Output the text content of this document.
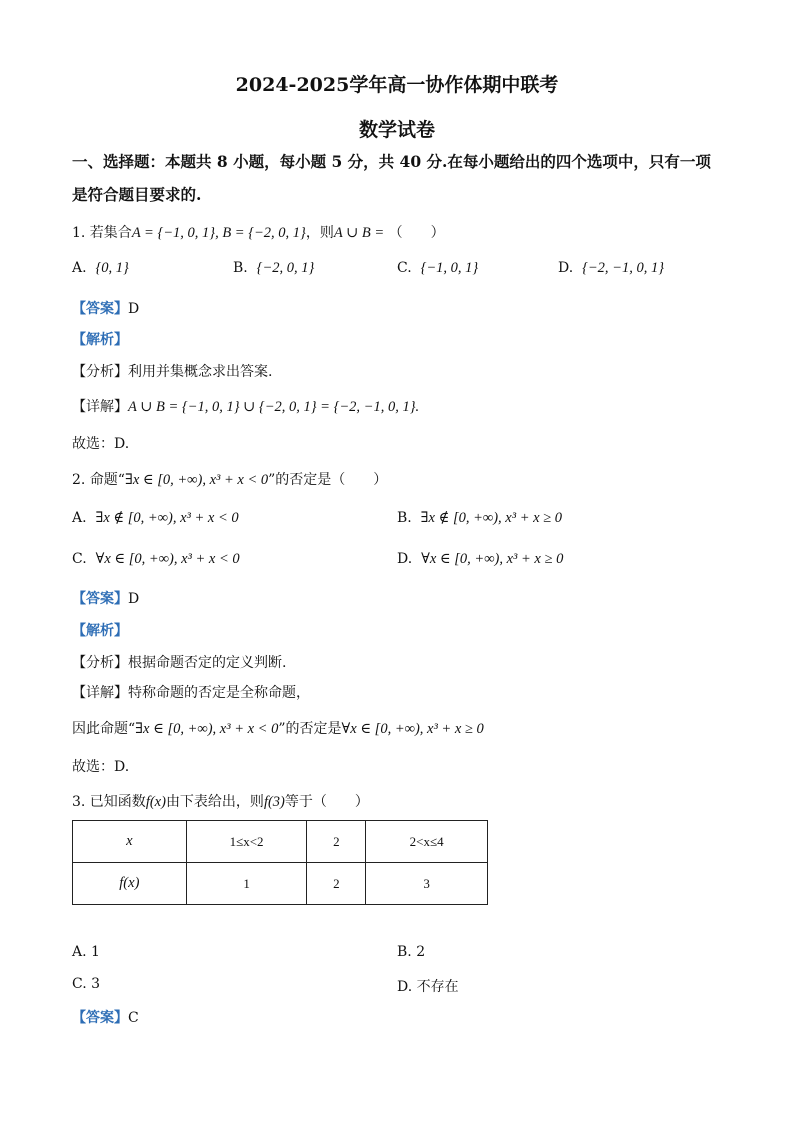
2024-2025学年高一协作体期中联考
数学试卷
一、选择题：本题共 8 小题，每小题 5 分，共 40 分.在每小题给出的四个选项中，只有一项
是符合题目要求的.
1. 若集合A = {−1, 0, 1}, B = {−2, 0, 1}，则A ∪ B = （　　）
A. {0, 1}	B. {−2, 0, 1}	C. {−1, 0, 1}	D. {−2, −1, 0, 1}
【答案】D
【解析】
【分析】利用并集概念求出答案.
【详解】A ∪ B = {−1, 0, 1} ∪ {−2, 0, 1} = {−2, −1, 0, 1}.
故选：D.
2. 命题“∃x ∈ [0, +∞), x³ + x < 0”的否定是（　　）
A. ∃x ∉ [0, +∞), x³ + x < 0	B. ∃x ∉ [0, +∞), x³ + x ≥ 0
C. ∀x ∈ [0, +∞), x³ + x < 0	D. ∀x ∈ [0, +∞), x³ + x ≥ 0
【答案】D
【解析】
【分析】根据命题否定的定义判断.
【详解】特称命题的否定是全称命题，
因此命题“∃x ∈ [0, +∞), x³ + x < 0”的否定是∀x ∈ [0, +∞), x³ + x ≥ 0
故选：D.
3. 已知函数f(x)由下表给出，则f(3)等于（　　）
x	1≤x<2	2	2<x≤4
f(x)	1	2	3
A. 1	B. 2
C. 3	D. 不存在
【答案】C
